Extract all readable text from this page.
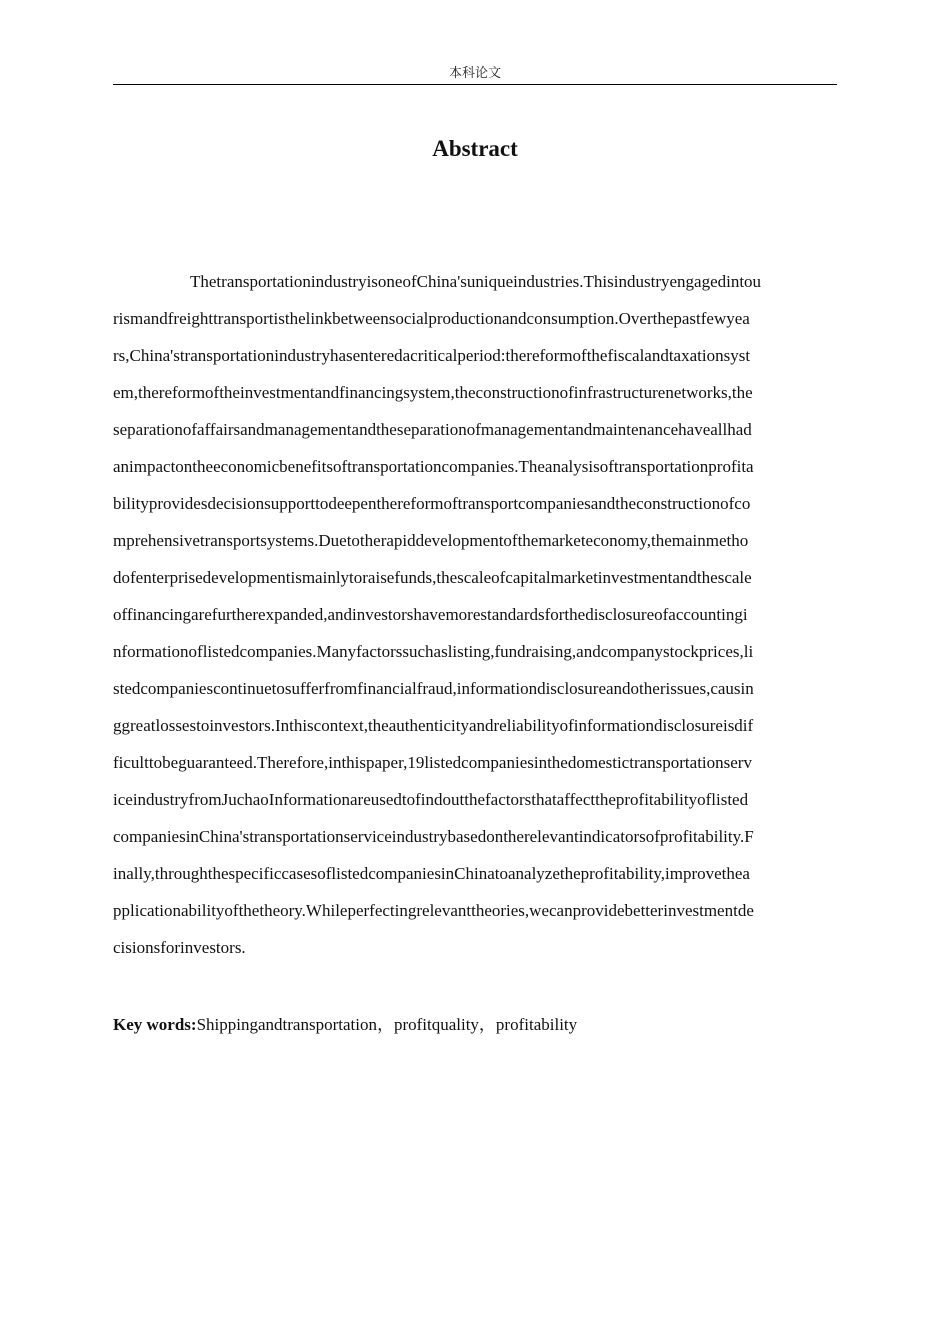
本科论文
Abstract
ThetransportationindustryisoneofChina'suniqueindustries.Thisindustryengagedintou
rismandfreighttransportisthelinkbetweensocialproductionandconsumption.Overthepastfewyea
rs,China'stransportationindustryhasenteredacriticalperiod:thereformofthefiscalandtaxationsyst
em,thereformoftheinvestmentandfinancingsystem,theconstructionofinfrastructurenetworks,the
separationofaffairsandmanagementandtheseparationofmanagementandmaintenancehaveallhad
animpactontheeconomicbenefitsoftransportationcompanies.Theanalysisoftransportationprofita
bilityprovidesdecisionsupporttodeepenthereformoftransportcompaniesandtheconstructionofco
mprehensivetransportsystems.Duetotherapiddevelopmentofthemarketeconomy,themainmetho
dofenterprisedevelopmentismainlytoraisefunds,thescaleofcapitalmarketinvestmentandthescale
offinancingarefurtherexpanded,andinvestorshavemorestandardsforthedisclosureofaccountingi
nformationoflistedcompanies.Manyfactorssuchaslisting,fundraising,andcompanystockprices,li
stedcompaniescontinuetosufferfromfinancialfraud,informationdisclosureandotherissues,causin
ggreatlossestoinvestors.Inthiscontext,theauthenticityandreliabilityofinformationdisclosureisdif
ficulttobeguaranteed.Therefore,inthispaper,19listedcompaniesinthedomestictransportationserv
iceindustryfromJuchaoInformationareusedtofindoutthefactorsthataffecttheprofitabilityoflisted
companiesinChina'stransportationserviceindustrybasedontherelevantindicatorsofprofitability.F
inally,throughthespecificcasesoflistedcompaniesinChinatoanalyzetheprofitability,improvethea
pplicationabilityofthetheory.Whileperfectingrelevanttheories,wecanprovidebetterinvestmentde
cisionsforinvestors.
Key words:Shippingandtransportation，profitquality，profitability
